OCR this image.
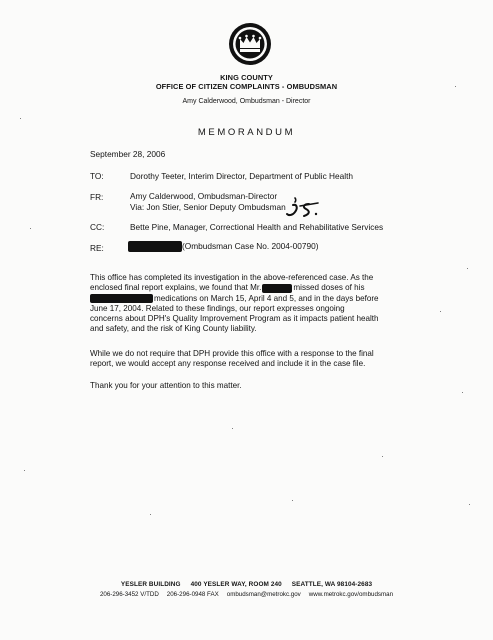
KING COUNTY
OFFICE OF CITIZEN COMPLAINTS - OMBUDSMAN
Amy Calderwood, Ombudsman - Director
MEMORANDUM
September 28, 2006
TO:	Dorothy Teeter, Interim Director, Department of Public Health
FR:	Amy Calderwood, Ombudsman-Director
Via: Jon Stier, Senior Deputy Ombudsman
CC:	Bette Pine, Manager, Correctional Health and Rehabilitative Services
RE:	(Ombudsman Case No. 2004-00790)
This office has completed its investigation in the above-referenced case. As the
enclosed final report explains, we found that Mr.	missed doses of his
medications on March 15, April 4 and 5, and in the days before
June 17, 2004. Related to these findings, our report expresses ongoing
concerns about DPH's Quality Improvement Program as it impacts patient health
and safety, and the risk of King County liability.
While we do not require that DPH provide this office with a response to the final
report, we would accept any response received and include it in the case file.
Thank you for your attention to this matter.
YESLER BUILDING 400 YESLER WAY, ROOM 240 SEATTLE, WA 98104-2683
206-296-3452 V/TDD 206-296-0948 FAX ombudsman@metrokc.gov www.metrokc.gov/ombudsman
